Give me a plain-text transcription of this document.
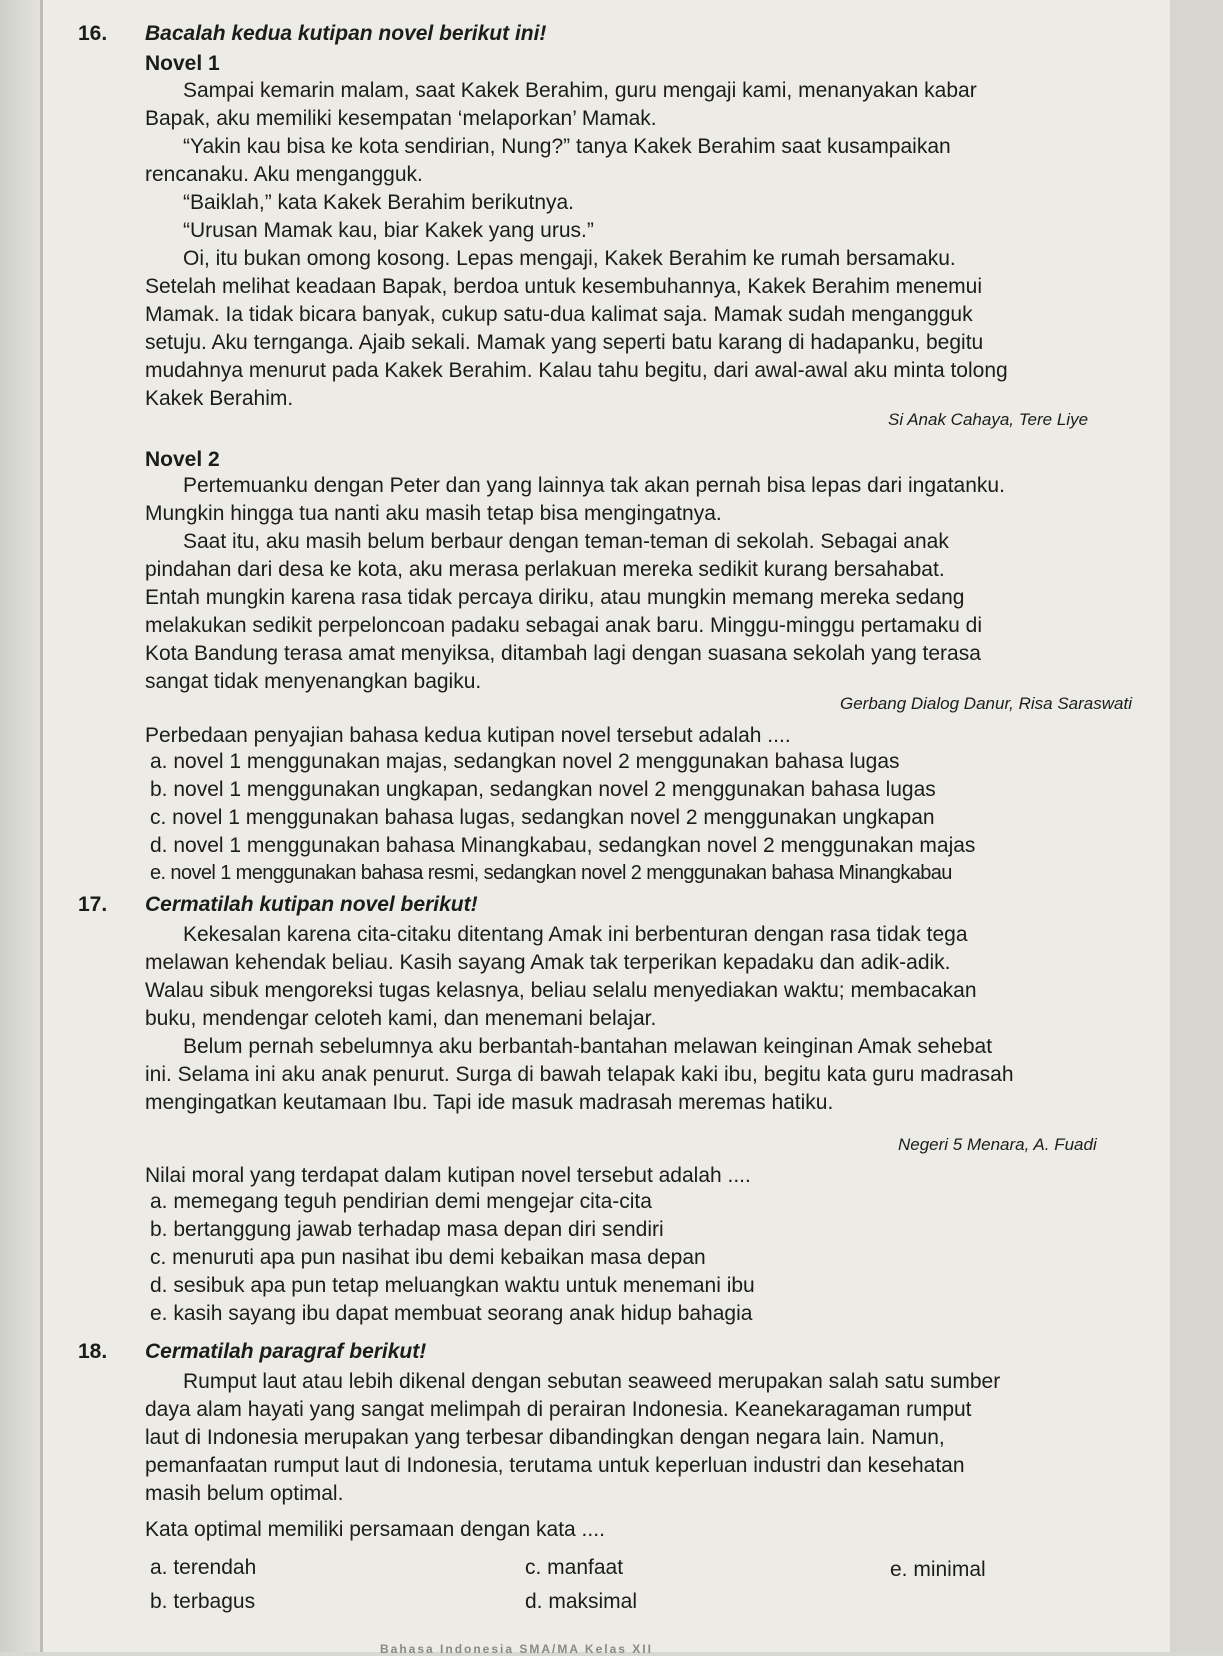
16. Bacalah kedua kutipan novel berikut ini!
Novel 1
Sampai kemarin malam, saat Kakek Berahim, guru mengaji kami, menanyakan kabar
Bapak, aku memiliki kesempatan ‘melaporkan’ Mamak.
“Yakin kau bisa ke kota sendirian, Nung?” tanya Kakek Berahim saat kusampaikan
rencanaku. Aku mengangguk.
“Baiklah,” kata Kakek Berahim berikutnya.
“Urusan Mamak kau, biar Kakek yang urus.”
Oi, itu bukan omong kosong. Lepas mengaji, Kakek Berahim ke rumah bersamaku.
Setelah melihat keadaan Bapak, berdoa untuk kesembuhannya, Kakek Berahim menemui
Mamak. Ia tidak bicara banyak, cukup satu-dua kalimat saja. Mamak sudah mengangguk
setuju. Aku ternganga. Ajaib sekali. Mamak yang seperti batu karang di hadapanku, begitu
mudahnya menurut pada Kakek Berahim. Kalau tahu begitu, dari awal-awal aku minta tolong
Kakek Berahim.
Si Anak Cahaya, Tere Liye
Novel 2
Pertemuanku dengan Peter dan yang lainnya tak akan pernah bisa lepas dari ingatanku.
Mungkin hingga tua nanti aku masih tetap bisa mengingatnya.
Saat itu, aku masih belum berbaur dengan teman-teman di sekolah. Sebagai anak
pindahan dari desa ke kota, aku merasa perlakuan mereka sedikit kurang bersahabat.
Entah mungkin karena rasa tidak percaya diriku, atau mungkin memang mereka sedang
melakukan sedikit perpeloncoan padaku sebagai anak baru. Minggu-minggu pertamaku di
Kota Bandung terasa amat menyiksa, ditambah lagi dengan suasana sekolah yang terasa
sangat tidak menyenangkan bagiku.
Gerbang Dialog Danur, Risa Saraswati
Perbedaan penyajian bahasa kedua kutipan novel tersebut adalah ....
a. novel 1 menggunakan majas, sedangkan novel 2 menggunakan bahasa lugas
b. novel 1 menggunakan ungkapan, sedangkan novel 2 menggunakan bahasa lugas
c. novel 1 menggunakan bahasa lugas, sedangkan novel 2 menggunakan ungkapan
d. novel 1 menggunakan bahasa Minangkabau, sedangkan novel 2 menggunakan majas
e. novel 1 menggunakan bahasa resmi, sedangkan novel 2 menggunakan bahasa Minangkabau
17. Cermatilah kutipan novel berikut!
Kekesalan karena cita-citaku ditentang Amak ini berbenturan dengan rasa tidak tega
melawan kehendak beliau. Kasih sayang Amak tak terperikan kepadaku dan adik-adik.
Walau sibuk mengoreksi tugas kelasnya, beliau selalu menyediakan waktu; membacakan
buku, mendengar celoteh kami, dan menemani belajar.
Belum pernah sebelumnya aku berbantah-bantahan melawan keinginan Amak sehebat
ini. Selama ini aku anak penurut. Surga di bawah telapak kaki ibu, begitu kata guru madrasah
mengingatkan keutamaan Ibu. Tapi ide masuk madrasah meremas hatiku.
Negeri 5 Menara, A. Fuadi
Nilai moral yang terdapat dalam kutipan novel tersebut adalah ....
a. memegang teguh pendirian demi mengejar cita-cita
b. bertanggung jawab terhadap masa depan diri sendiri
c. menuruti apa pun nasihat ibu demi kebaikan masa depan
d. sesibuk apa pun tetap meluangkan waktu untuk menemani ibu
e. kasih sayang ibu dapat membuat seorang anak hidup bahagia
18. Cermatilah paragraf berikut!
Rumput laut atau lebih dikenal dengan sebutan seaweed merupakan salah satu sumber
daya alam hayati yang sangat melimpah di perairan Indonesia. Keanekaragaman rumput
laut di Indonesia merupakan yang terbesar dibandingkan dengan negara lain. Namun,
pemanfaatan rumput laut di Indonesia, terutama untuk keperluan industri dan kesehatan
masih belum optimal.
Kata optimal memiliki persamaan dengan kata ....
a. terendah
b. terbagus
c. manfaat
d. maksimal
e. minimal
Bahasa Indonesia SMA/MA Kelas XII
